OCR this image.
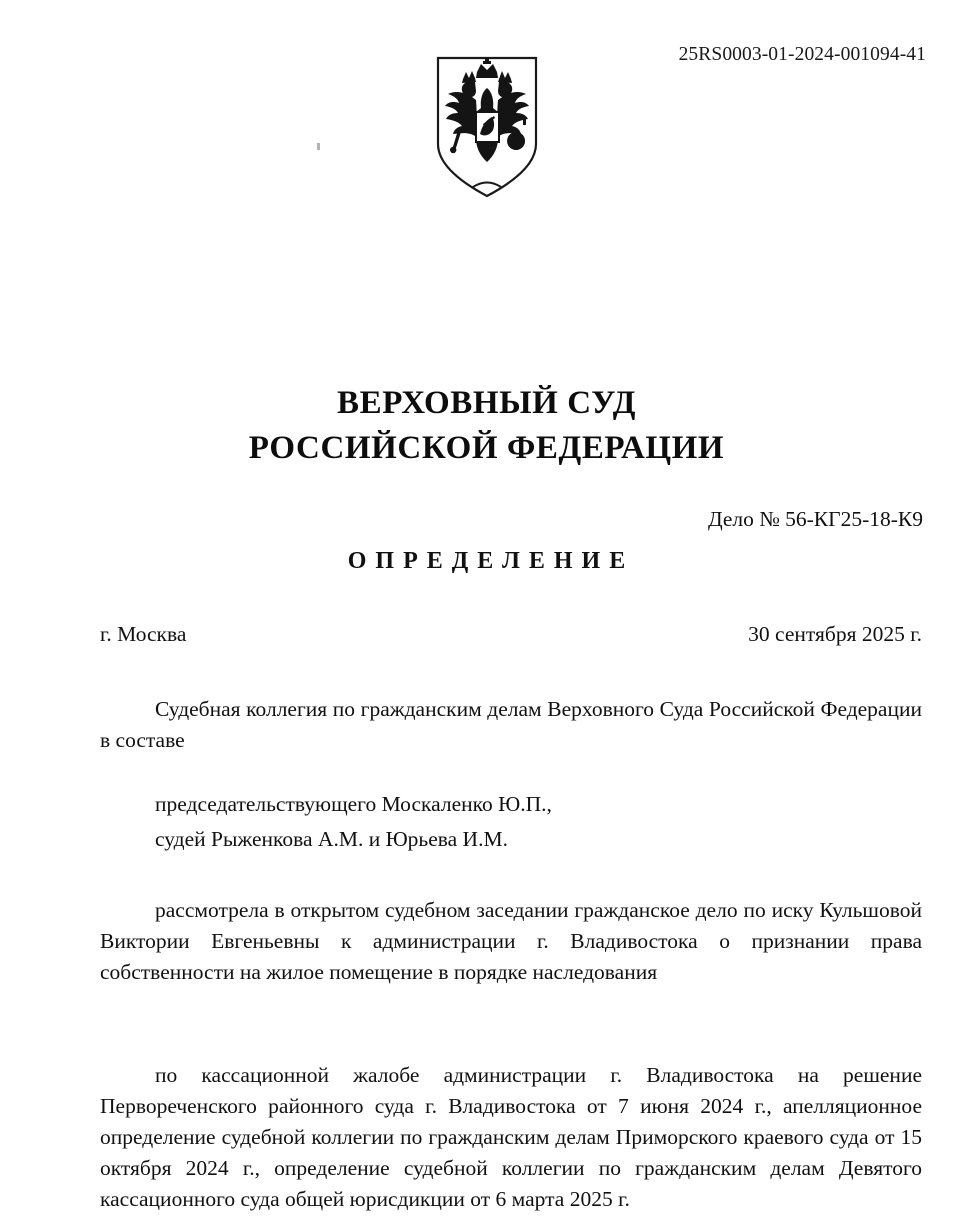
25RS0003-01-2024-001094-41
ВЕРХОВНЫЙ СУД
РОССИЙСКОЙ ФЕДЕРАЦИИ
Дело № 56-КГ25-18-К9
ОПРЕДЕЛЕНИЕ
г. Москва	30 сентября 2025 г.

Судебная коллегия по гражданским делам Верховного Суда Российской Федерации в составе

председательствующего Москаленко Ю.П.,
судей Рыженкова А.М. и Юрьева И.М.

рассмотрела в открытом судебном заседании гражданское дело по иску Кульшовой Виктории Евгеньевны к администрации г. Владивостока о признании права собственности на жилое помещение в порядке наследования

по кассационной жалобе администрации г. Владивостока на решение Первореченского районного суда г. Владивостока от 7 июня 2024 г., апелляционное определение судебной коллегии по гражданским делам Приморского краевого суда от 15 октября 2024 г., определение судебной коллегии по гражданским делам Девятого кассационного суда общей юрисдикции от 6 марта 2025 г.
